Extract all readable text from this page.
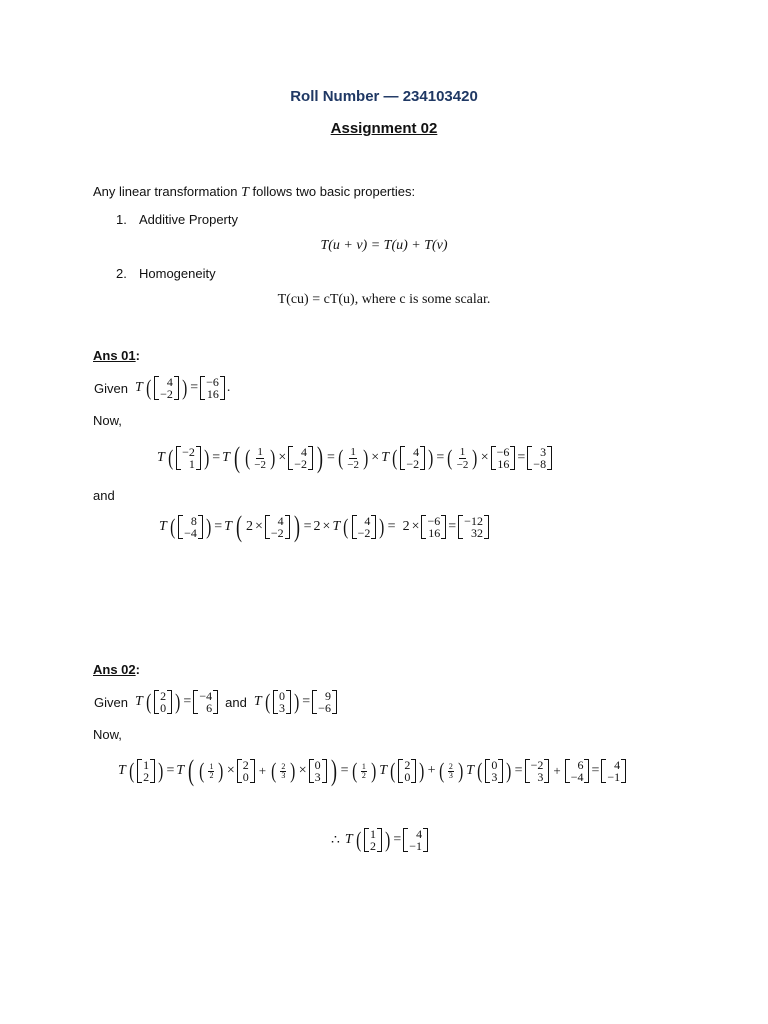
Roll Number — 234103420
Assignment 02
Any linear transformation T follows two basic properties:
1. Additive Property
T(u + v) = T(u) + T(v)
2. Homogeneity
T(cu) = cT(u), where c is some scalar.
Ans 01:
Given T ( 4
−2 ) = −6
16 .
Now,
T ( −2
1 ) = T ( ( $\frac{1}{-2}$ ) × 4
−2 ) = ( $\frac{1}{-2}$ ) × T ( 4
−2 ) = ( $\frac{1}{-2}$ ) × −6
16 = 3
−8
and
T ( 8
−4 ) = T ( 2 × 4
−2 ) = 2 × T ( 4
−2 ) = 2 × −6
16 = −12
32
Ans 02:
Given T ( 2
0 ) = −4
6 and T ( 0
3 ) = 9
−6
Now,
T ( 1
2 ) = T ( ( $\frac{1}{2}$ ) × 2
0 + ( $\frac{2}{3}$ ) × 0
3 ) = ( $\frac{1}{2}$ ) T ( 2
0 ) + ( $\frac{2}{3}$ ) T ( 0
3 ) = −2
3 + 6
−4 = 4
−1
∴ T ( 1
2 ) = 4
−1
